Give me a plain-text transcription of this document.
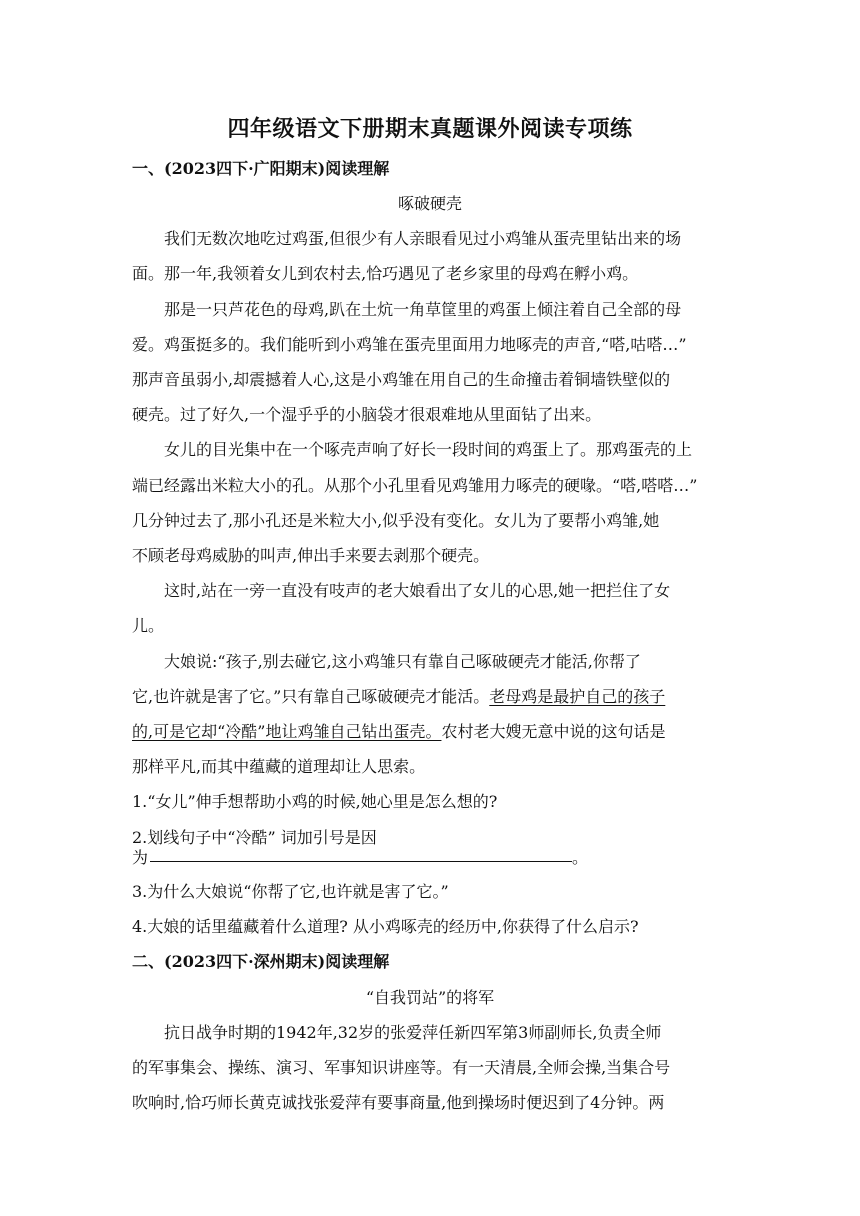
四年级语文下册期末真题课外阅读专项练
一、(2023四下·广阳期末)阅读理解
啄破硬壳
我们无数次地吃过鸡蛋,但很少有人亲眼看见过小鸡雏从蛋壳里钻出来的场
面。那一年,我领着女儿到农村去,恰巧遇见了老乡家里的母鸡在孵小鸡。
那是一只芦花色的母鸡,趴在土炕一角草筐里的鸡蛋上倾注着自己全部的母
爱。鸡蛋挺多的。我们能听到小鸡雏在蛋壳里面用力地啄壳的声音,“嗒,咕嗒…”
那声音虽弱小,却震撼着人心,这是小鸡雏在用自己的生命撞击着铜墙铁壁似的
硬壳。过了好久,一个湿乎乎的小脑袋才很艰难地从里面钻了出来。
女儿的目光集中在一个啄壳声响了好长一段时间的鸡蛋上了。那鸡蛋壳的上
端已经露出米粒大小的孔。从那个小孔里看见鸡雏用力啄壳的硬喙。“嗒,嗒嗒…”
几分钟过去了,那小孔还是米粒大小,似乎没有变化。女儿为了要帮小鸡雏,她
不顾老母鸡威胁的叫声,伸出手来要去剥那个硬壳。
这时,站在一旁一直没有吱声的老大娘看出了女儿的心思,她一把拦住了女
儿。
大娘说:“孩子,别去碰它,这小鸡雏只有靠自己啄破硬壳才能活,你帮了
它,也许就是害了它。”只有靠自己啄破硬壳才能活。老母鸡是最护自己的孩子
的,可是它却“冷酷”地让鸡雏自己钻出蛋壳。农村老大嫂无意中说的这句话是
那样平凡,而其中蕴藏的道理却让人思索。
1.“女儿”伸手想帮助小鸡的时候,她心里是怎么想的?
2.划线句子中“冷酷” 词加引号是因
为	。
3.为什么大娘说“你帮了它,也许就是害了它。”
4.大娘的话里蕴藏着什么道理? 从小鸡啄壳的经历中,你获得了什么启示?
二、(2023四下·深州期末)阅读理解
“自我罚站”的将军
抗日战争时期的1942年,32岁的张爱萍任新四军第3师副师长,负责全师
的军事集会、操练、演习、军事知识讲座等。有一天清晨,全师会操,当集合号
吹响时,恰巧师长黄克诚找张爱萍有要事商量,他到操场时便迟到了4分钟。两
